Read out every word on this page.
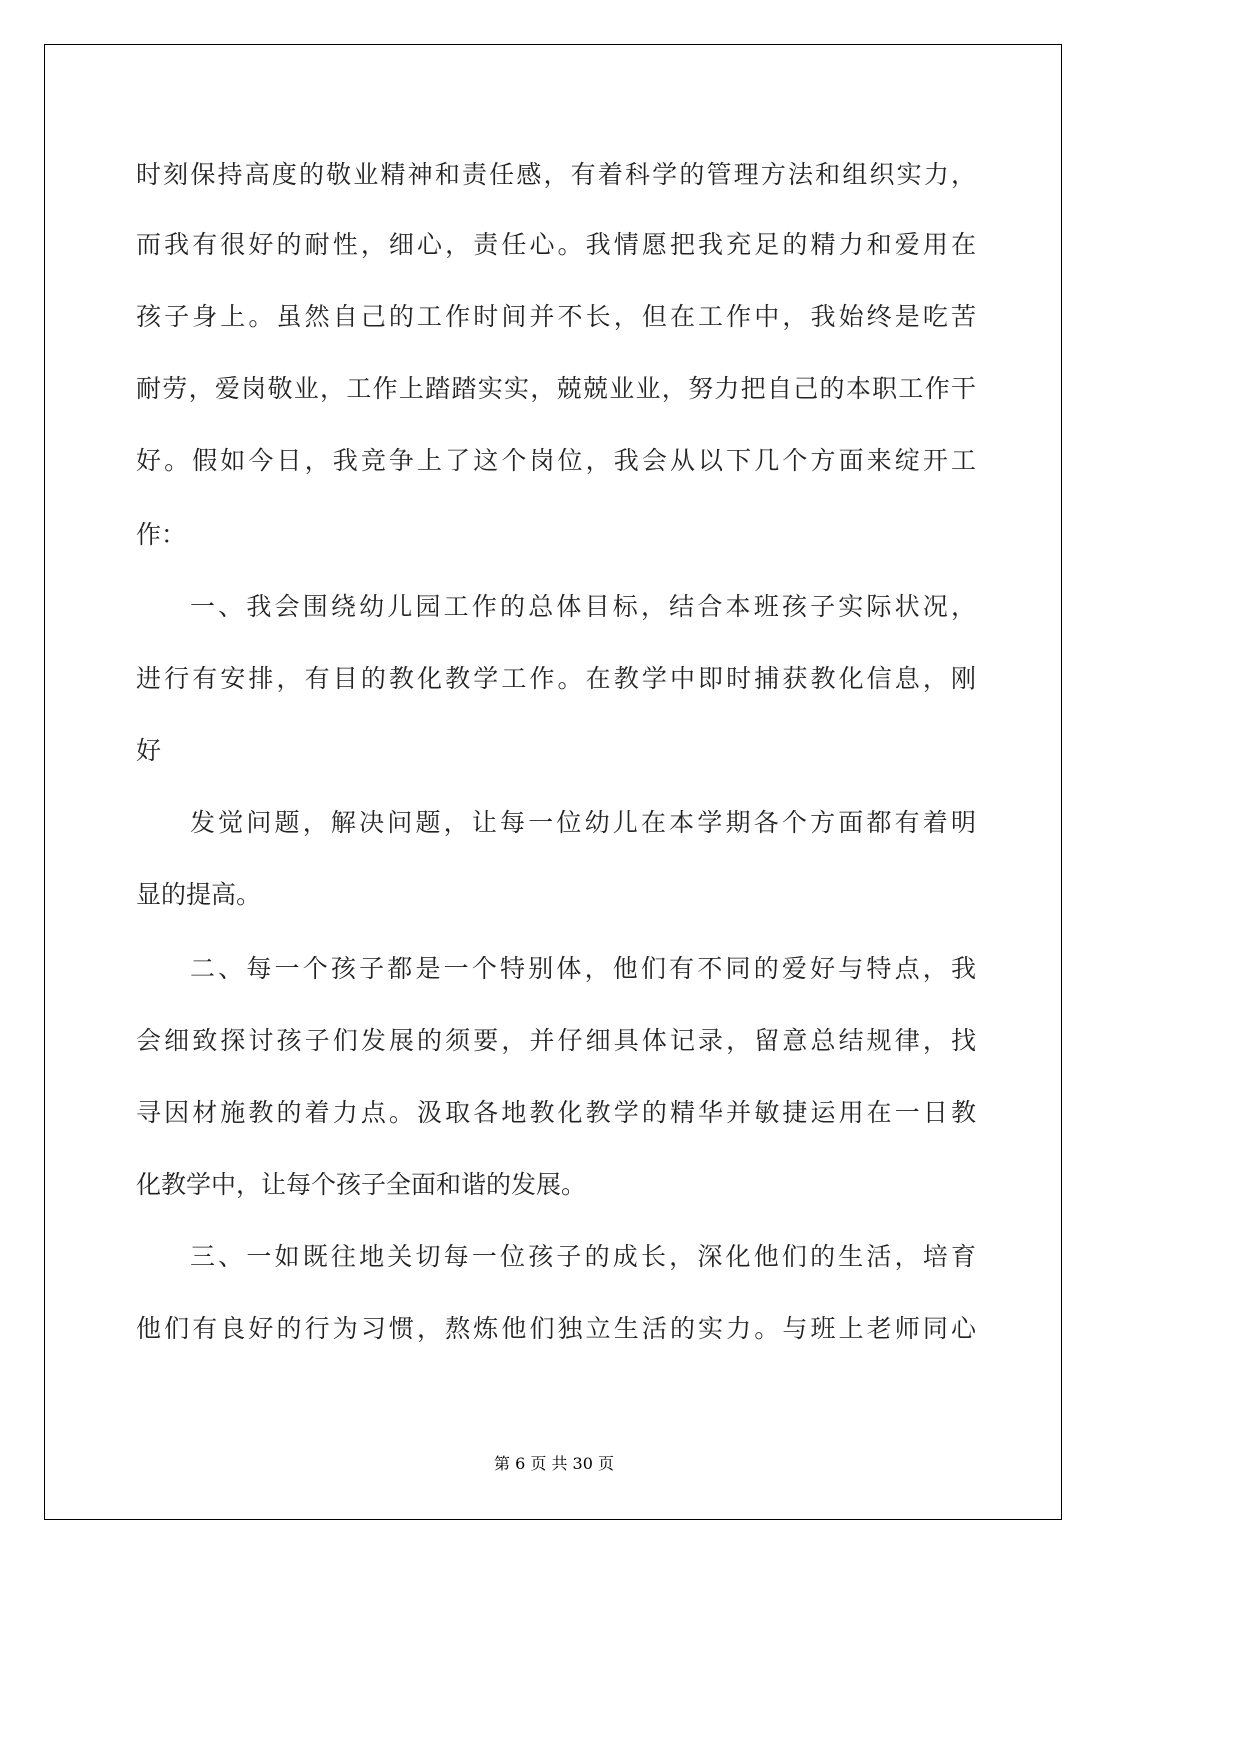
时刻保持高度的敬业精神和责任感，有着科学的管理方法和组织实力，
而我有很好的耐性，细心，责任心。我情愿把我充足的精力和爱用在
孩子身上。虽然自己的工作时间并不长，但在工作中，我始终是吃苦
耐劳，爱岗敬业，工作上踏踏实实，兢兢业业，努力把自己的本职工作干
好。假如今日，我竞争上了这个岗位，我会从以下几个方面来绽开工
作：
一、我会围绕幼儿园工作的总体目标，结合本班孩子实际状况，
进行有安排，有目的教化教学工作。在教学中即时捕获教化信息，刚
好
发觉问题，解决问题，让每一位幼儿在本学期各个方面都有着明
显的提高。
二、每一个孩子都是一个特别体，他们有不同的爱好与特点，我
会细致探讨孩子们发展的须要，并仔细具体记录，留意总结规律，找
寻因材施教的着力点。汲取各地教化教学的精华并敏捷运用在一日教
化教学中，让每个孩子全面和谐的发展。
三、一如既往地关切每一位孩子的成长，深化他们的生活，培育
他们有良好的行为习惯，熬炼他们独立生活的实力。与班上老师同心
第 6 页 共 30 页
